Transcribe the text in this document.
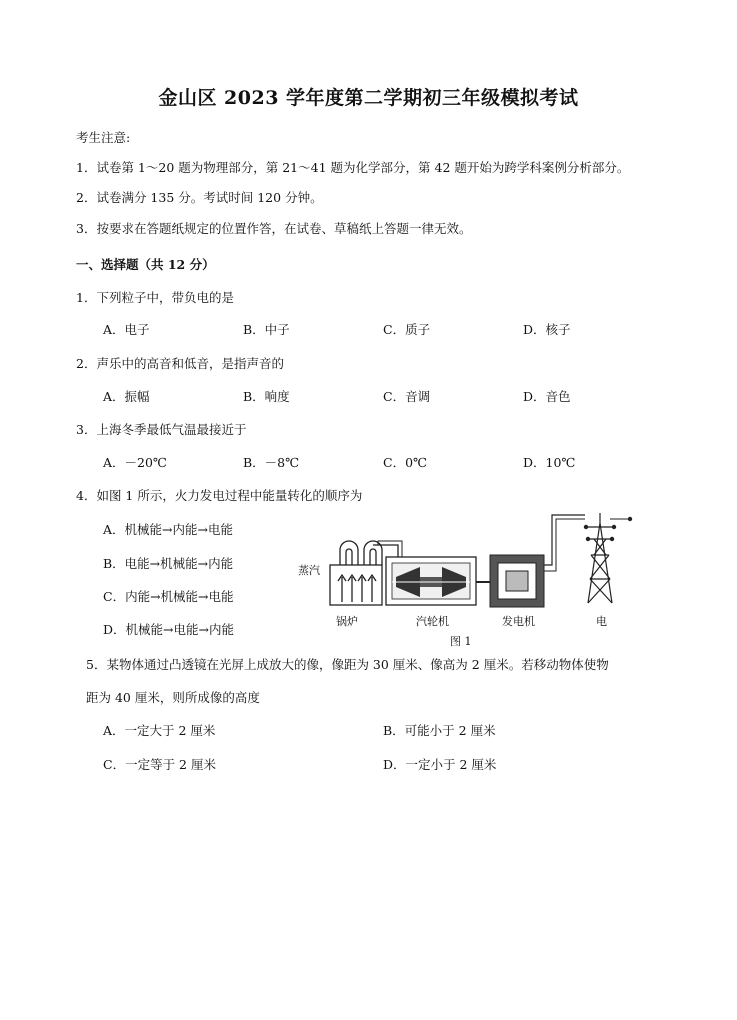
金山区 2023 学年度第二学期初三年级模拟考试
考生注意:
1．试卷第 1～20 题为物理部分，第 21～41 题为化学部分，第 42 题开始为跨学科案例分析部分。
2．试卷满分 135 分。考试时间 120 分钟。
3．按要求在答题纸规定的位置作答，在试卷、草稿纸上答题一律无效。
一、选择题（共 12 分）
1．下列粒子中，带负电的是
A．电子	B．中子	C．质子	D．核子
2．声乐中的高音和低音，是指声音的
A．振幅	B．响度	C．音调	D．音色
3．上海冬季最低气温最接近于
A．－20℃	B．－8℃	C．0℃	D．10℃
4．如图 1 所示，火力发电过程中能量转化的顺序为
A．机械能→内能→电能
B．电能→机械能→内能
C．内能→机械能→电能
D．机械能→电能→内能
蒸汽
锅炉	汽轮机	发电机	电
图 1
5．某物体通过凸透镜在光屏上成放大的像，像距为 30 厘米、像高为 2 厘米。若移动物体使物
距为 40 厘米，则所成像的高度
A．一定大于 2 厘米	B．可能小于 2 厘米
C．一定等于 2 厘米	D．一定小于 2 厘米
